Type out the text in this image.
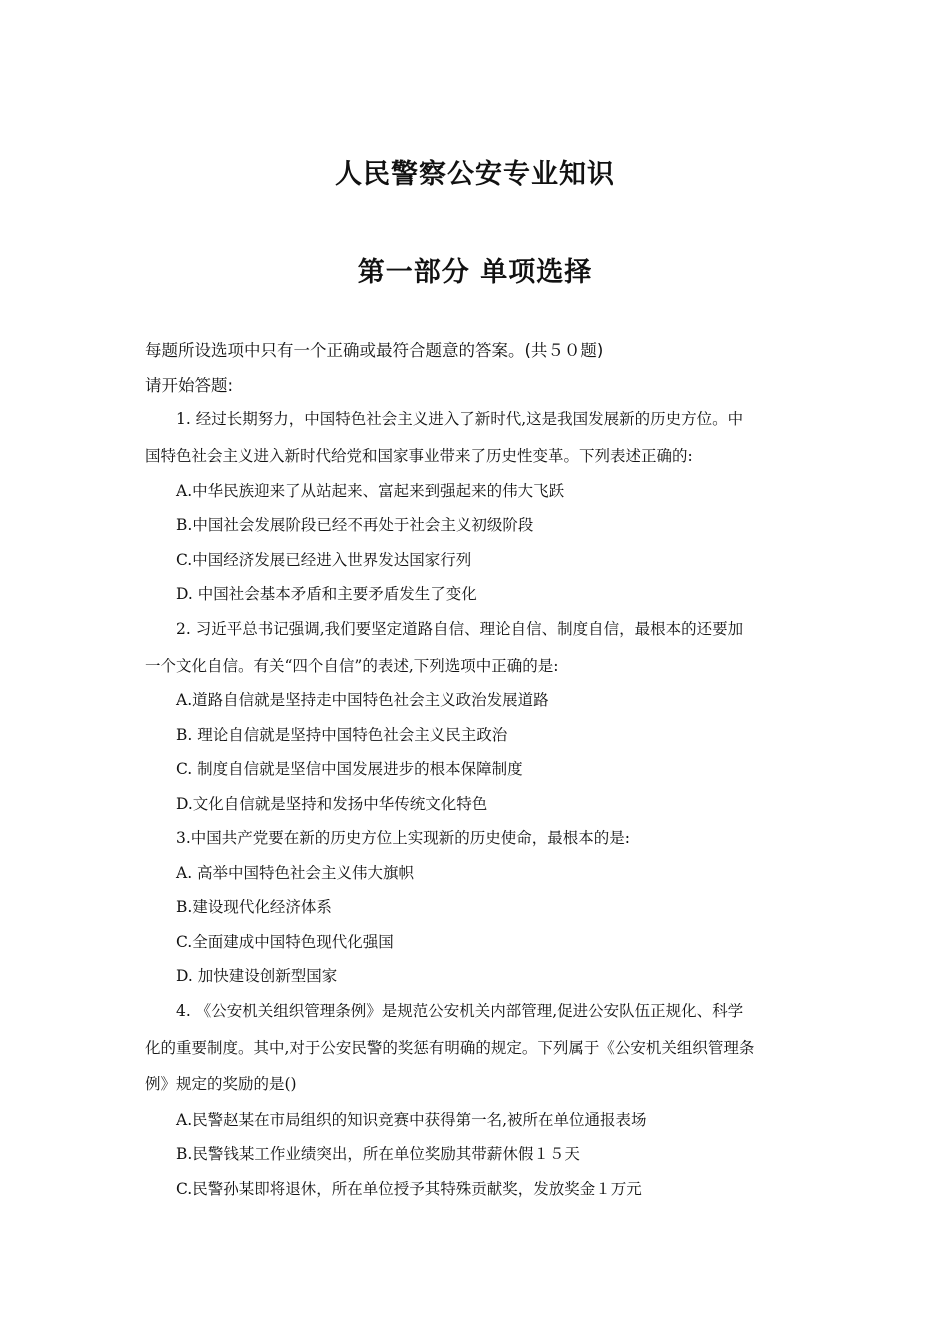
人民警察公安专业知识
第一部分 单项选择
每题所设选项中只有一个正确或最符合题意的答案。(共５０题)
请开始答题:
1. 经过长期努力，中国特色社会主义进入了新时代,这是我国发展新的历史方位。中
国特色社会主义进入新时代给党和国家事业带来了历史性变革。下列表述正确的:
A.中华民族迎来了从站起来、富起来到强起来的伟大飞跃
B.中国社会发展阶段已经不再处于社会主义初级阶段
C.中国经济发展已经进入世界发达国家行列
D. 中国社会基本矛盾和主要矛盾发生了变化
2. 习近平总书记强调,我们要坚定道路自信、理论自信、制度自信，最根本的还要加
一个文化自信。有关“四个自信”的表述,下列选项中正确的是:
A.道路自信就是坚持走中国特色社会主义政治发展道路
B. 理论自信就是坚持中国特色社会主义民主政治
C. 制度自信就是坚信中国发展进步的根本保障制度
D.文化自信就是坚持和发扬中华传统文化特色
3.中国共产党要在新的历史方位上实现新的历史使命，最根本的是:
A. 高举中国特色社会主义伟大旗帜
B.建设现代化经济体系
C.全面建成中国特色现代化强国
D. 加快建设创新型国家
4. 《公安机关组织管理条例》是规范公安机关内部管理,促进公安队伍正规化、科学
化的重要制度。其中,对于公安民警的奖惩有明确的规定。下列属于《公安机关组织管理条
例》规定的奖励的是()
A.民警赵某在市局组织的知识竞赛中获得第一名,被所在单位通报表场
B.民警钱某工作业绩突出，所在单位奖励其带薪休假１５天
C.民警孙某即将退休，所在单位授予其特殊贡献奖，发放奖金１万元
